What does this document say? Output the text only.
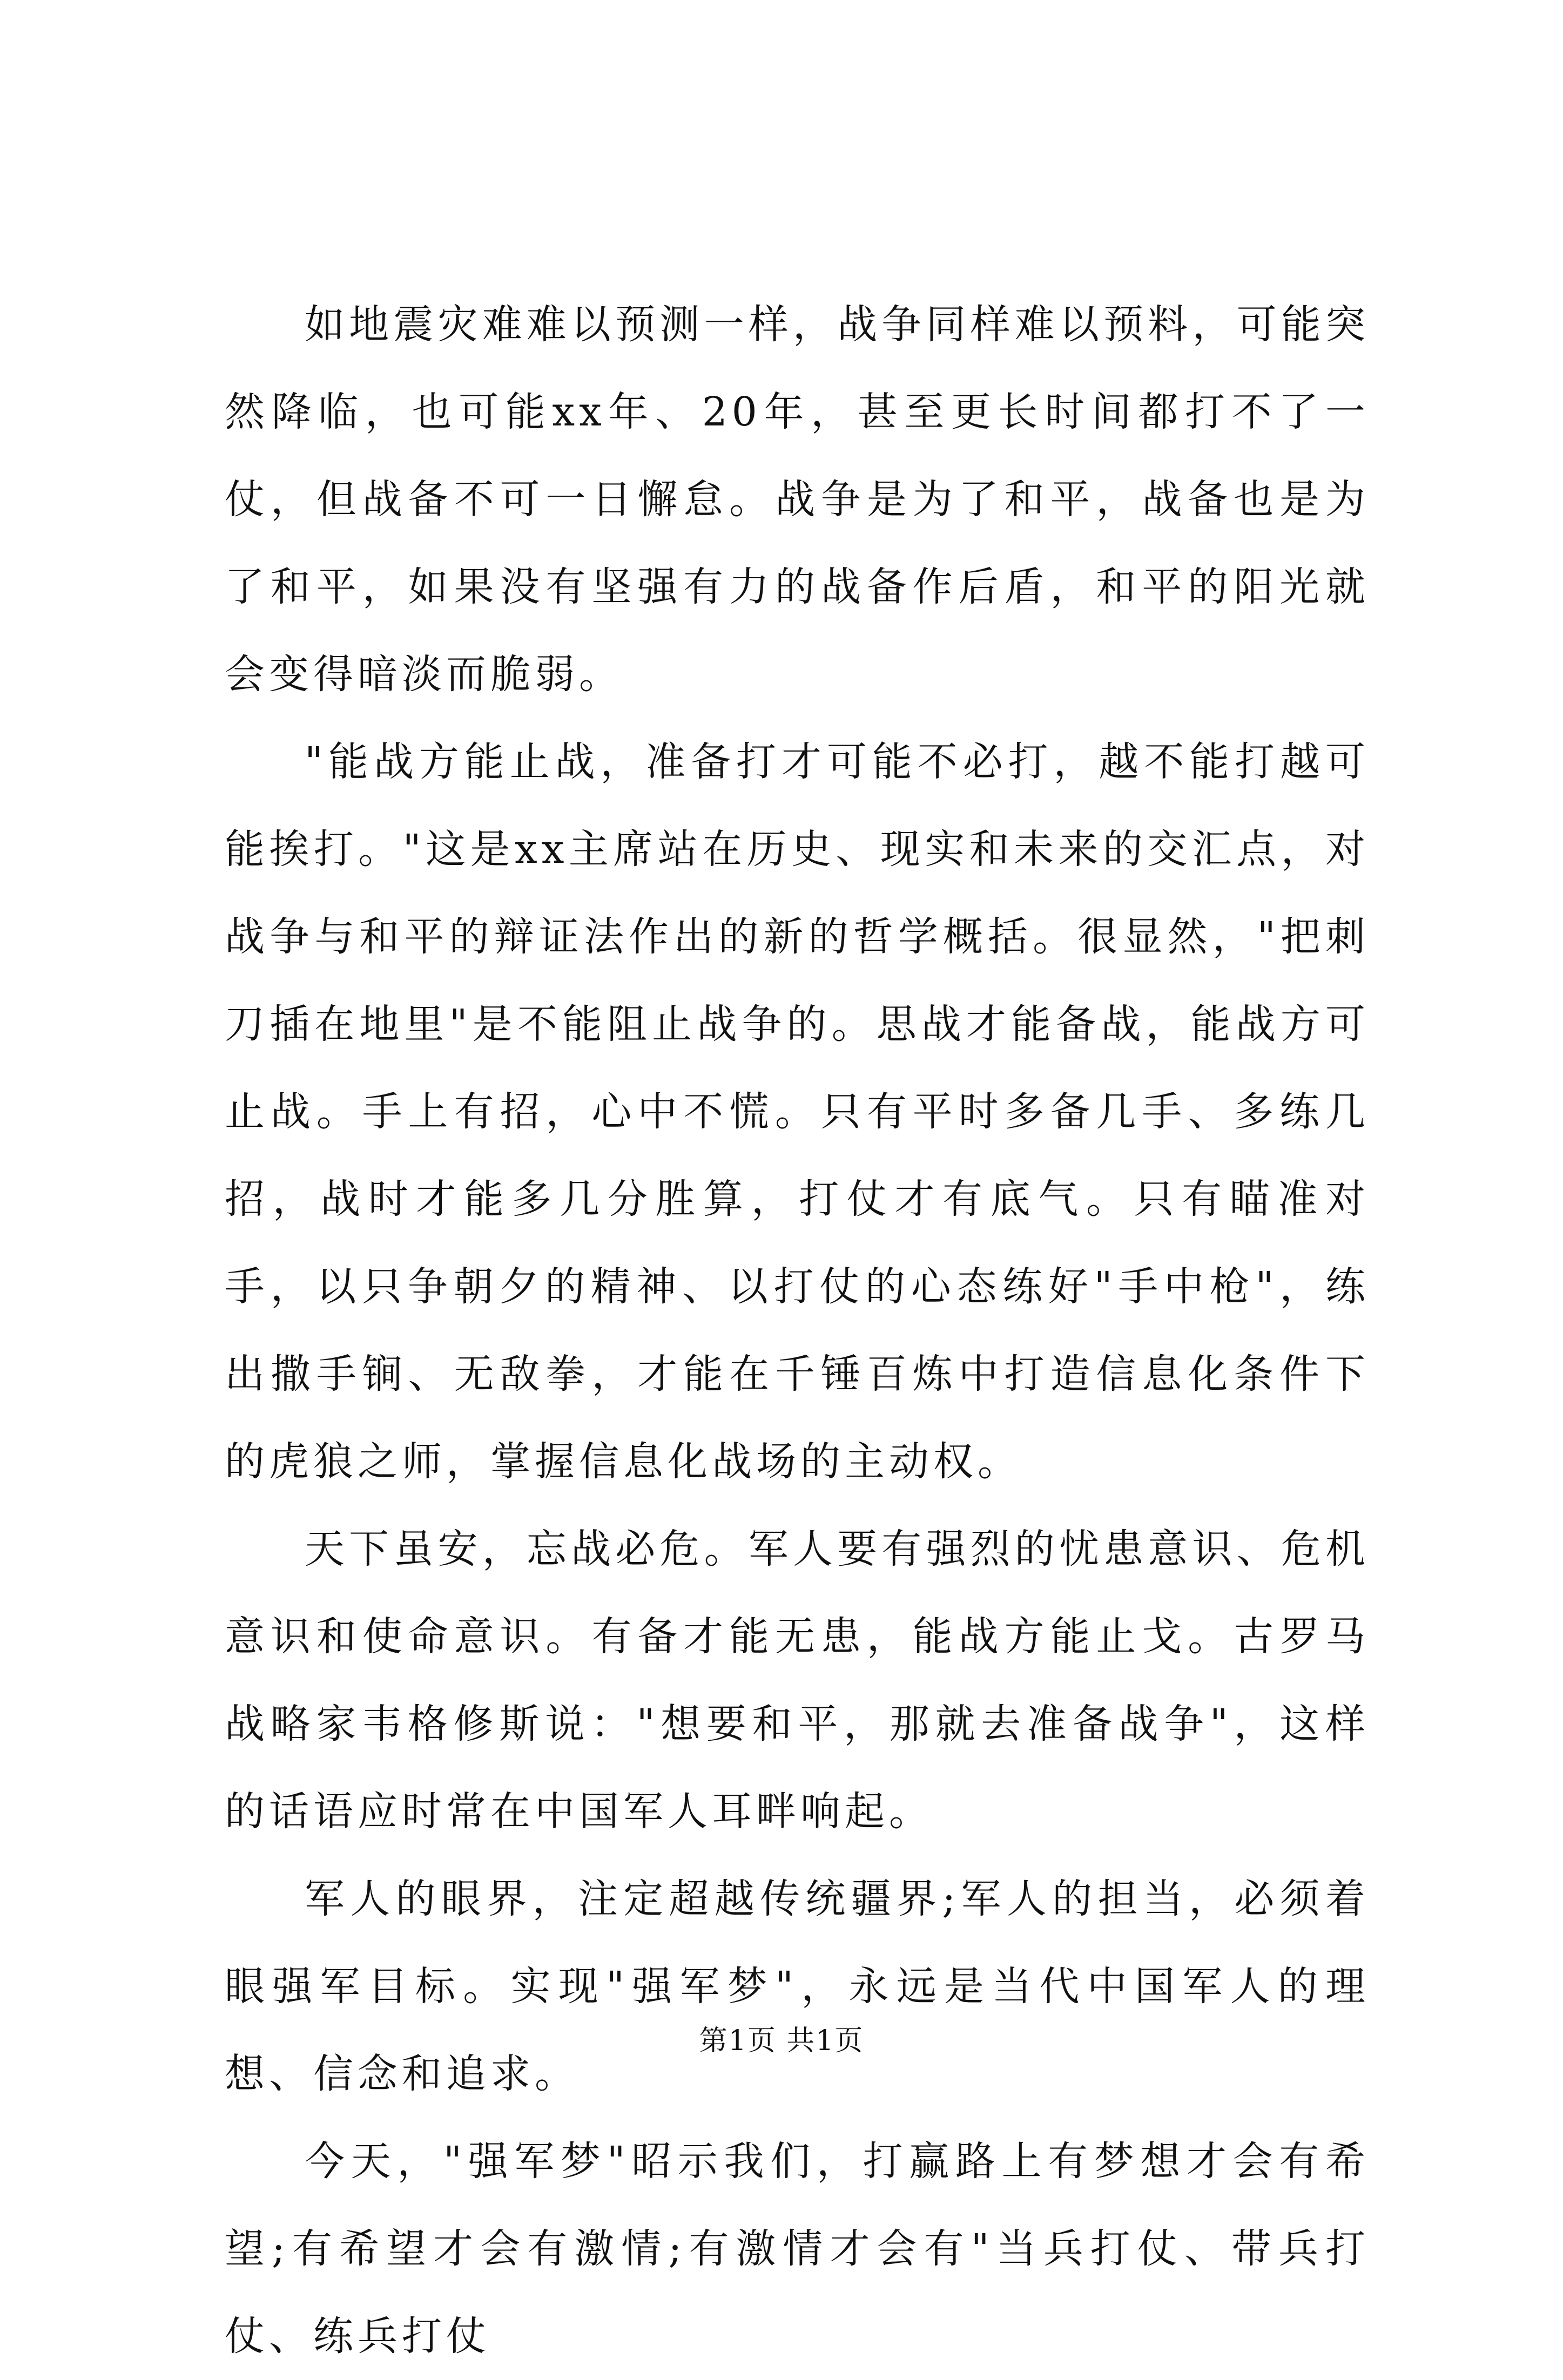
如地震灾难难以预测一样，战争同样难以预料，可能突然降临，也可能xx年、20年，甚至更长时间都打不了一仗，但战备不可一日懈怠。战争是为了和平，战备也是为了和平，如果没有坚强有力的战备作后盾，和平的阳光就会变得暗淡而脆弱。

"能战方能止战，准备打才可能不必打，越不能打越可能挨打。"这是xx主席站在历史、现实和未来的交汇点，对战争与和平的辩证法作出的新的哲学概括。很显然，"把刺刀插在地里"是不能阻止战争的。思战才能备战，能战方可止战。手上有招，心中不慌。只有平时多备几手、多练几招，战时才能多几分胜算，打仗才有底气。只有瞄准对手，以只争朝夕的精神、以打仗的心态练好"手中枪"，练出撒手锏、无敌拳，才能在千锤百炼中打造信息化条件下的虎狼之师，掌握信息化战场的主动权。

天下虽安，忘战必危。军人要有强烈的忧患意识、危机意识和使命意识。有备才能无患，能战方能止戈。古罗马战略家韦格修斯说："想要和平，那就去准备战争"，这样的话语应时常在中国军人耳畔响起。

军人的眼界，注定超越传统疆界;军人的担当，必须着眼强军目标。实现"强军梦"，永远是当代中国军人的理想、信念和追求。

今天，"强军梦"昭示我们，打赢路上有梦想才会有希望;有希望才会有激情;有激情才会有"当兵打仗、带兵打仗、练兵打仗

第1页 共1页
